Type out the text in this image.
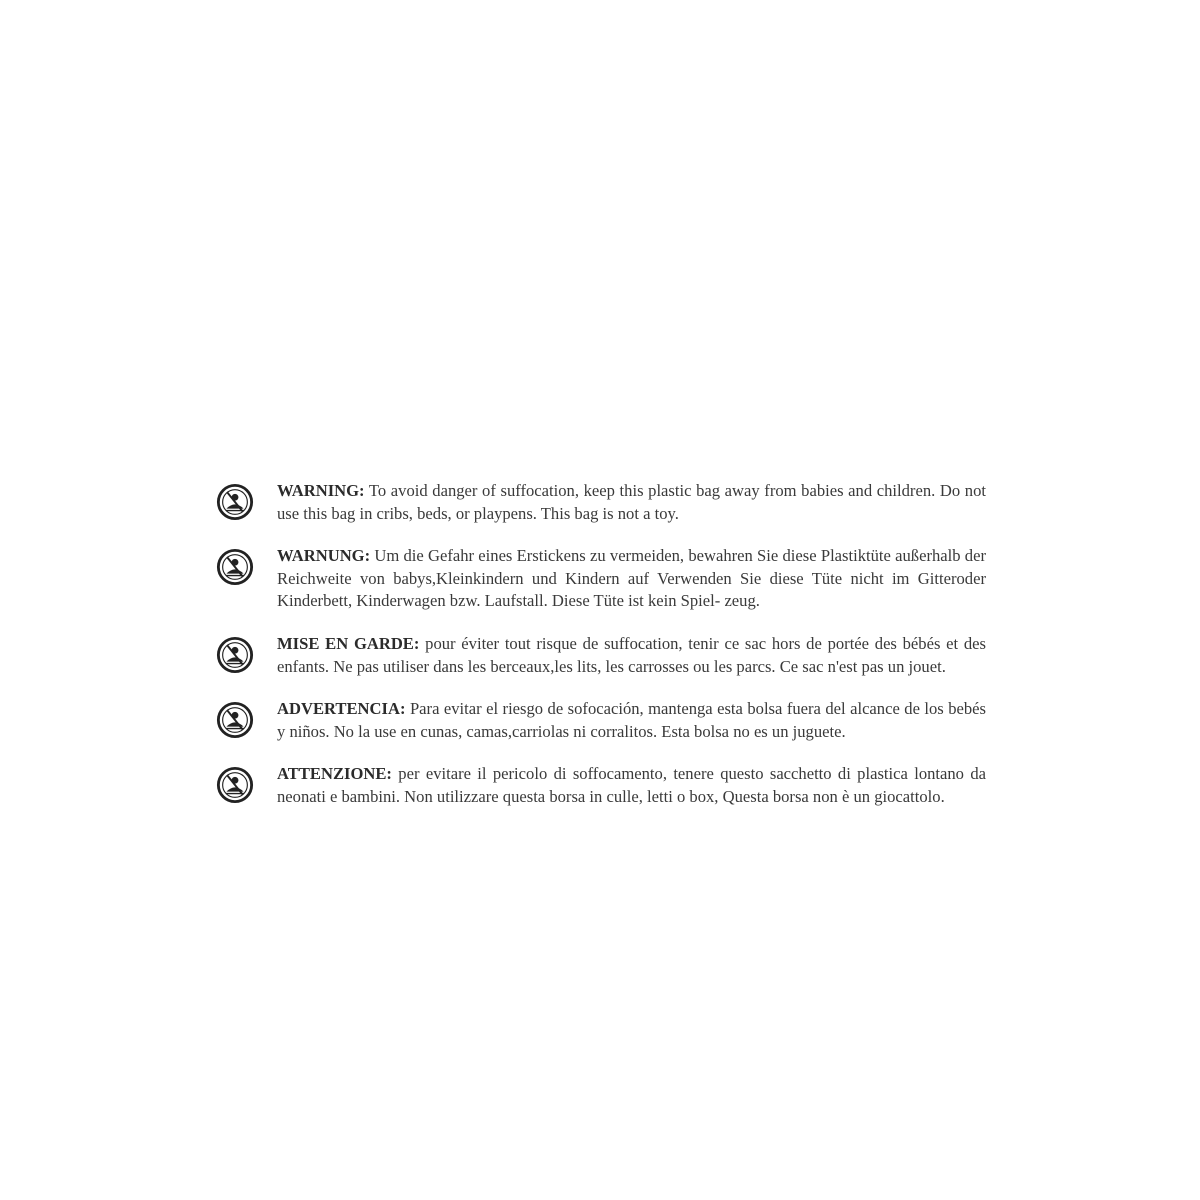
WARNING: To avoid danger of suffocation, keep this plastic bag away from babies and children. Do not use this bag in cribs, beds, or playpens. This bag is not a toy.

WARNUNG: Um die Gefahr eines Erstickens zu vermeiden, bewahren Sie diese Plastiktüte außerhalb der Reichweite von babys,Kleinkindern und Kindern auf Verwenden Sie diese Tüte nicht im Gitteroder Kinderbett, Kinderwagen bzw. Laufstall. Diese Tüte ist kein Spiel- zeug.

MISE EN GARDE: pour éviter tout risque de suffocation, tenir ce sac hors de portée des bébés et des enfants. Ne pas utiliser dans les berceaux,les lits, les carrosses ou les parcs. Ce sac n'est pas un jouet.

ADVERTENCIA: Para evitar el riesgo de sofocación, mantenga esta bolsa fuera del alcance de los bebés y niños. No la use en cunas, camas,carriolas ni corralitos. Esta bolsa no es un juguete.

ATTENZIONE: per evitare il pericolo di soffocamento, tenere questo sacchetto di plastica lontano da neonati e bambini. Non utilizzare questa borsa in culle, letti o box, Questa borsa non è un giocattolo.
